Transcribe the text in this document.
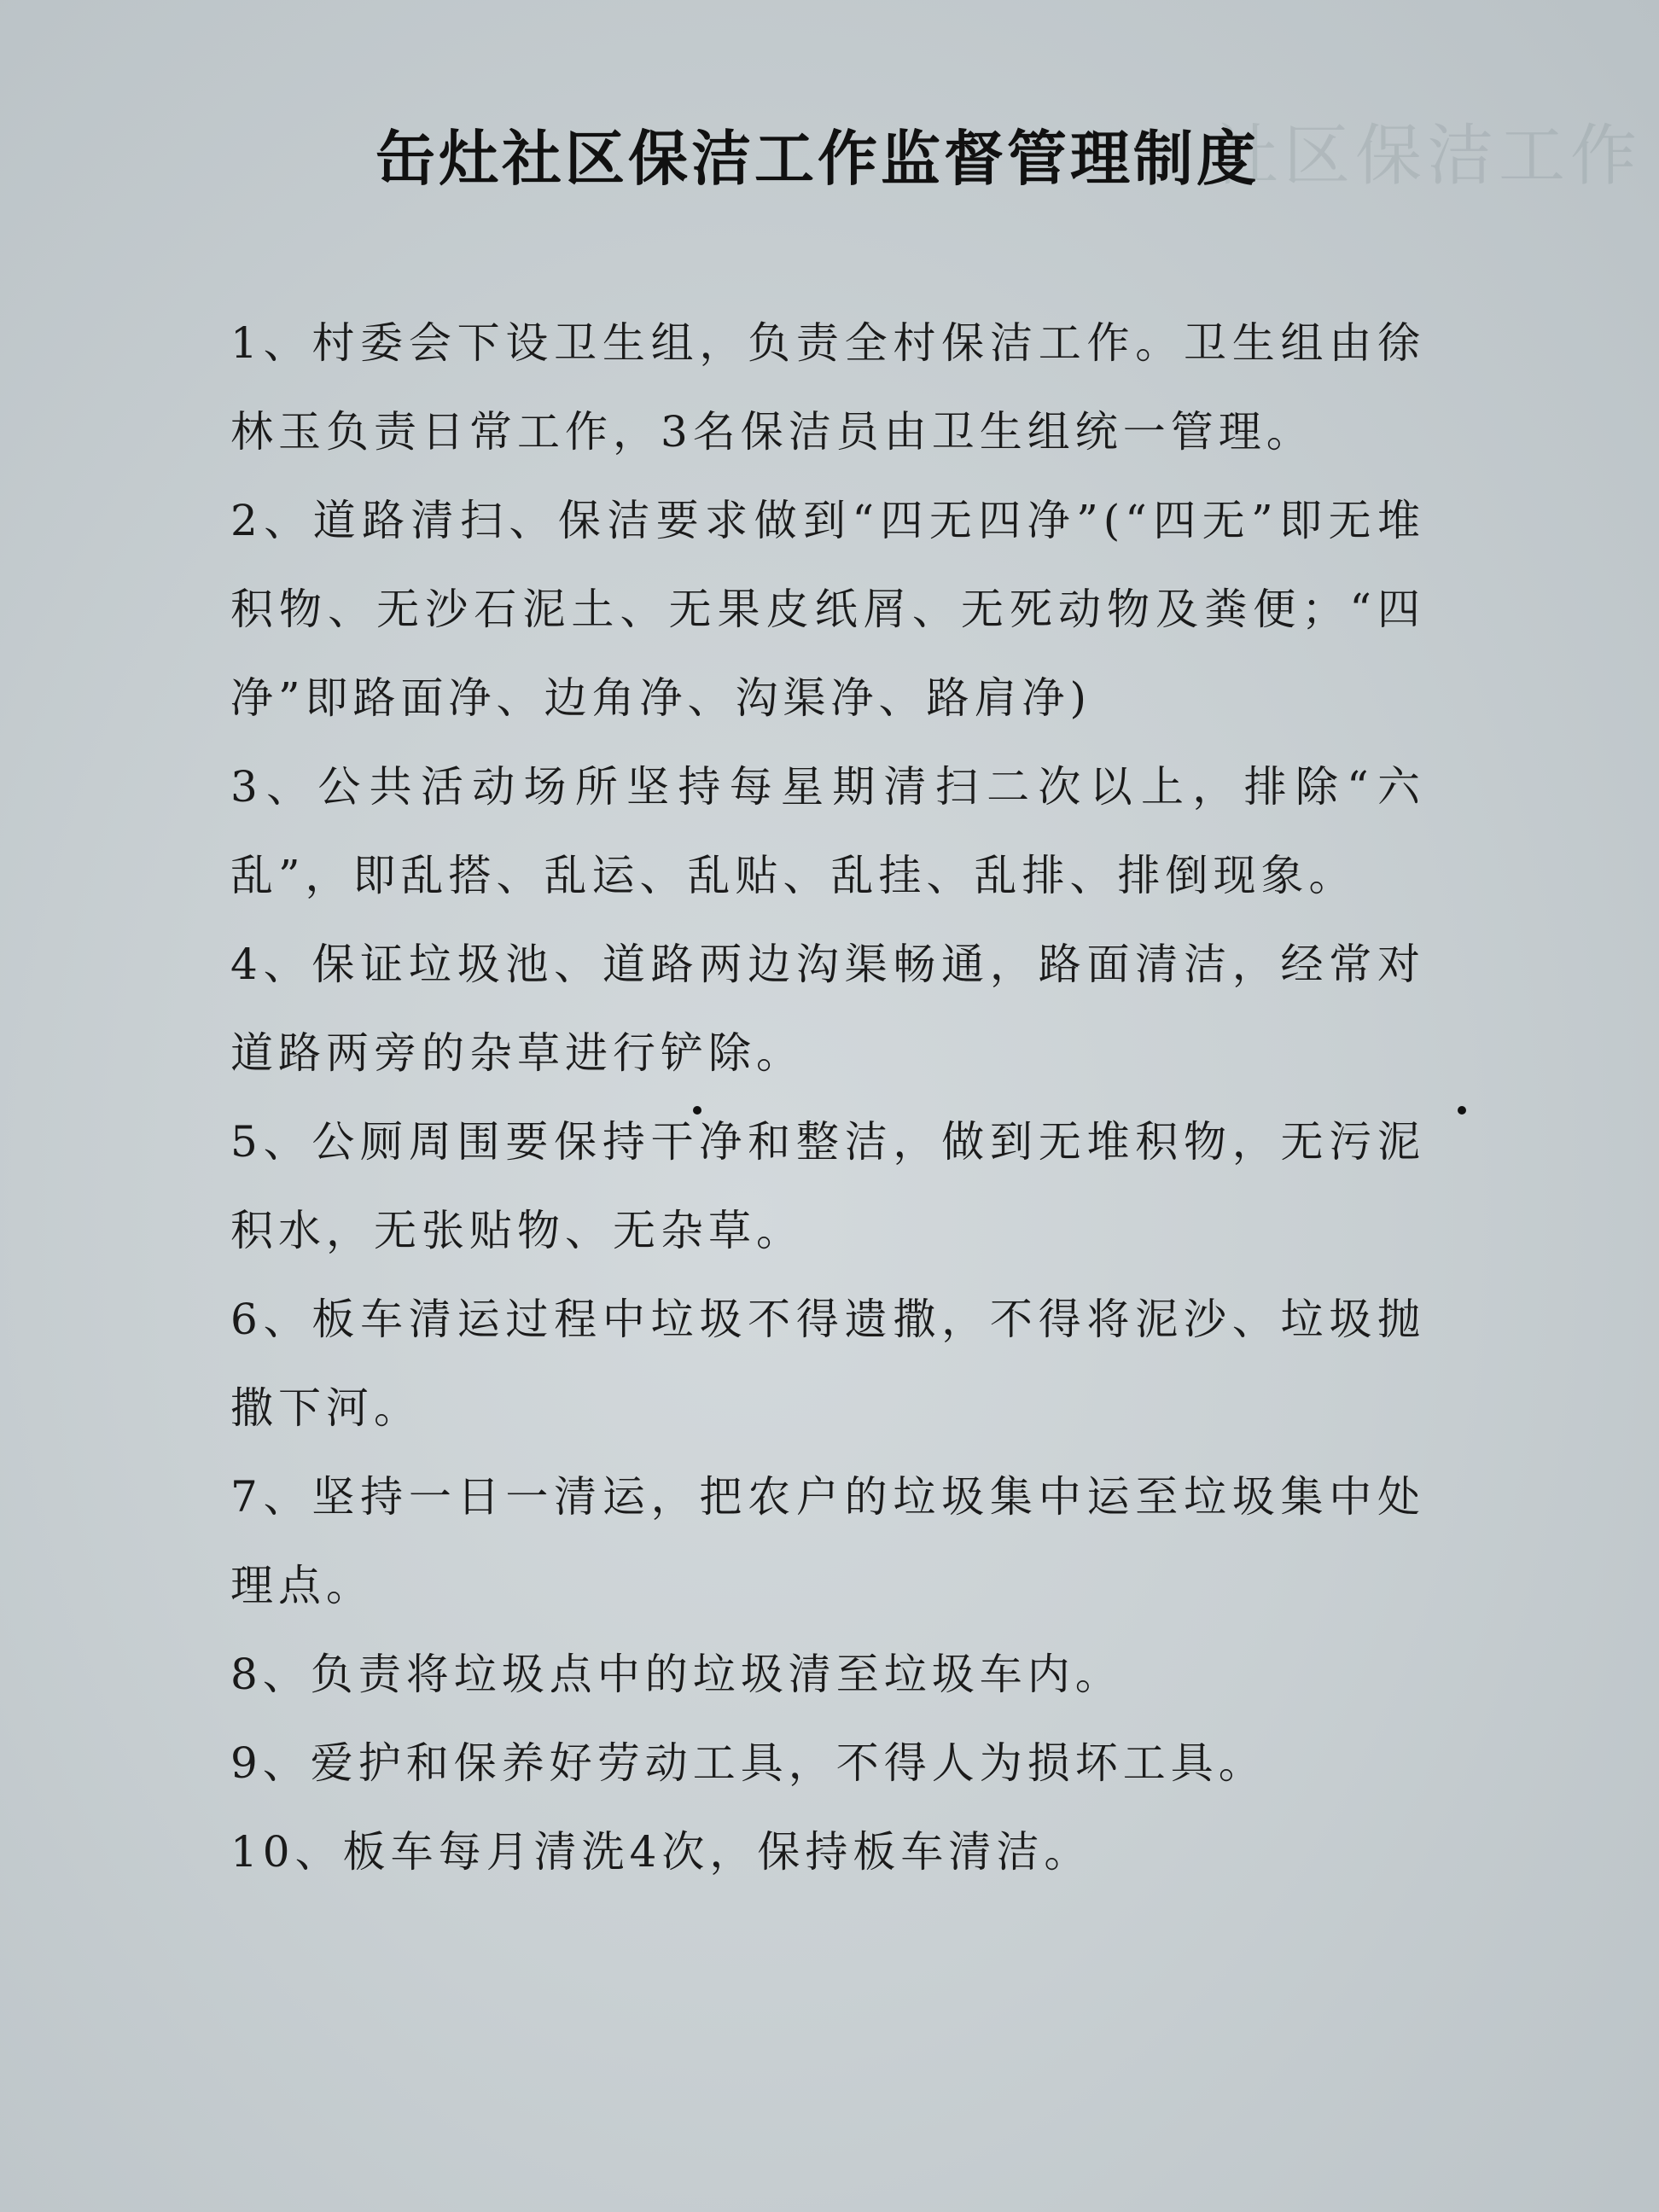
社区保洁工作
缶灶社区保洁工作监督管理制度

1、村委会下设卫生组，负责全村保洁工作。卫生组由徐林玉负责日常工作，3名保洁员由卫生组统一管理。

2、道路清扫、保洁要求做到“四无四净”(“四无”即无堆积物、无沙石泥土、无果皮纸屑、无死动物及粪便；“四净”即路面净、边角净、沟渠净、路肩净)

3、公共活动场所坚持每星期清扫二次以上，排除“六乱”，即乱搭、乱运、乱贴、乱挂、乱排、排倒现象。

4、保证垃圾池、道路两边沟渠畅通，路面清洁，经常对道路两旁的杂草进行铲除。

5、公厕周围要保持干净和整洁，做到无堆积物，无污泥积水，无张贴物、无杂草。

6、板车清运过程中垃圾不得遗撒，不得将泥沙、垃圾抛撒下河。

7、坚持一日一清运，把农户的垃圾集中运至垃圾集中处理点。

8、负责将垃圾点中的垃圾清至垃圾车内。

9、爱护和保养好劳动工具，不得人为损坏工具。

10、板车每月清洗4次，保持板车清洁。
